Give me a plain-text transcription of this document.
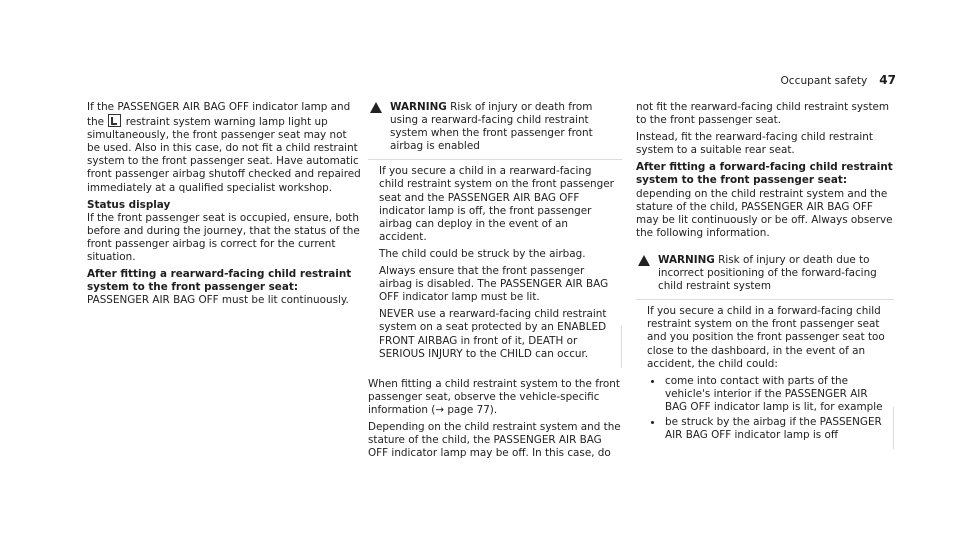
Occupant safety 47

If the PASSENGER AIR BAG OFF indicator lamp and the restraint system warning lamp light up simultaneously, the front passenger seat may not be used. Also in this case, do not fit a child restraint system to the front passenger seat. Have automatic front passenger airbag shutoff checked and repaired immediately at a qualified specialist workshop.

Status display

If the front passenger seat is occupied, ensure, both before and during the journey, that the status of the front passenger airbag is correct for the current situation.

After fitting a rearward-facing child restraint system to the front passenger seat:

PASSENGER AIR BAG OFF must be lit continuously.

WARNING Risk of injury or death from using a rearward-facing child restraint system when the front passenger front airbag is enabled

If you secure a child in a rearward-facing child restraint system on the front passenger seat and the PASSENGER AIR BAG OFF indicator lamp is off, the front passenger airbag can deploy in the event of an accident.

The child could be struck by the airbag.

Always ensure that the front passenger airbag is disabled. The PASSENGER AIR BAG OFF indicator lamp must be lit.

NEVER use a rearward-facing child restraint system on a seat protected by an ENABLED FRONT AIRBAG in front of it, DEATH or SERIOUS INJURY to the CHILD can occur.

When fitting a child restraint system to the front passenger seat, observe the vehicle-specific information (→ page 77).

Depending on the child restraint system and the stature of the child, the PASSENGER AIR BAG OFF indicator lamp may be off. In this case, do

not fit the rearward-facing child restraint system to the front passenger seat.

Instead, fit the rearward-facing child restraint system to a suitable rear seat.

After fitting a forward-facing child restraint system to the front passenger seat: depending on the child restraint system and the stature of the child, PASSENGER AIR BAG OFF may be lit continuously or be off. Always observe the following information.

WARNING Risk of injury or death due to incorrect positioning of the forward-facing child restraint system

If you secure a child in a forward-facing child restraint system on the front passenger seat and you position the front passenger seat too close to the dashboard, in the event of an accident, the child could:

come into contact with parts of the vehicle's interior if the PASSENGER AIR BAG OFF indicator lamp is lit, for example
be struck by the airbag if the PASSENGER AIR BAG OFF indicator lamp is off
